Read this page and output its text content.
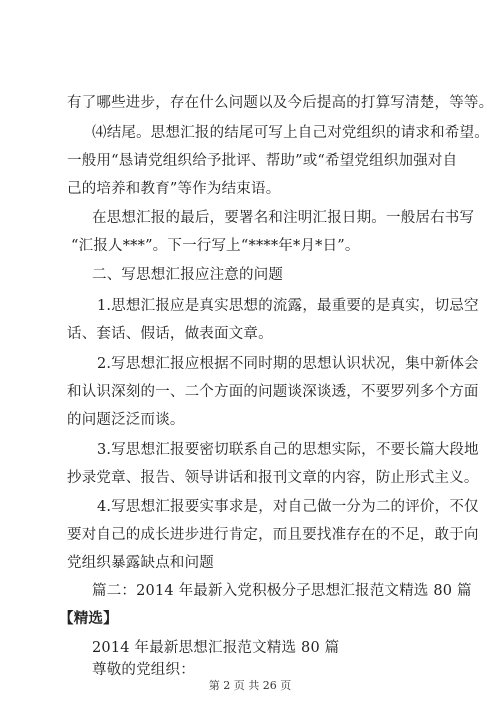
有了哪些进步，存在什么问题以及今后提高的打算写清楚，等等。
⑷结尾。思想汇报的结尾可写上自己对党组织的请求和希望。
一般用“恳请党组织给予批评、帮助”或“希望党组织加强对自
己的培养和教育”等作为结束语。
在思想汇报的最后，要署名和注明汇报日期。一般居右书写
“汇报人***”。下一行写上“****年*月*日”。
二、写思想汇报应注意的问题
1.思想汇报应是真实思想的流露，最重要的是真实，切忌空
话、套话、假话，做表面文章。
2.写思想汇报应根据不同时期的思想认识状况，集中新体会
和认识深刻的一、二个方面的问题谈深谈透，不要罗列多个方面
的问题泛泛而谈。
3.写思想汇报要密切联系自己的思想实际，不要长篇大段地
抄录党章、报告、领导讲话和报刊文章的内容，防止形式主义。
4.写思想汇报要实事求是，对自己做一分为二的评价，不仅
要对自己的成长进步进行肯定，而且要找准存在的不足，敢于向
党组织暴露缺点和问题
篇二：2014 年最新入党积极分子思想汇报范文精选 80 篇
【精选】
2014 年最新思想汇报范文精选 80 篇
尊敬的党组织：
第 2 页 共 26 页
